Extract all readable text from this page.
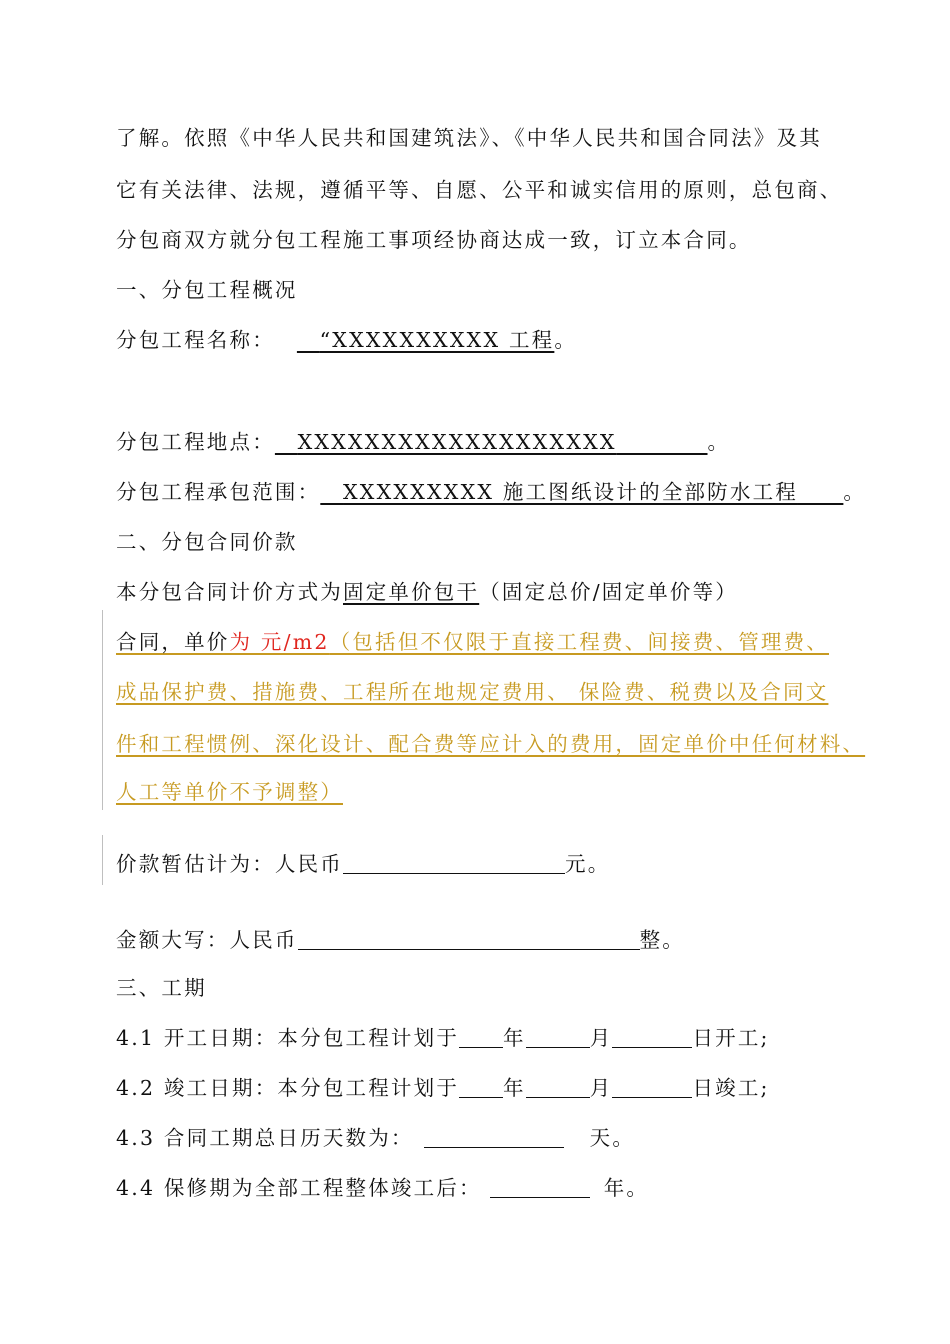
了解。依照《中华人民共和国建筑法》、《中华人民共和国合同法》及其
它有关法律、法规，遵循平等、自愿、公平和诚实信用的原则，总包商、
分包商双方就分包工程施工事项经协商达成一致，订立本合同。
一、分包工程概况
分包工程名称：  “XXXXXXXXXX 工程。
分包工程地点：  XXXXXXXXXXXXXXXXXXX    	。
分包工程承包范围：  XXXXXXXXX 施工图纸设计的全部防水工程   。
二、分包合同价款
本分包合同计价方式为固定单价包干（固定总价/固定单价等）
合同，单价为 元/m2（包括但不仅限于直接工程费、间接费、管理费、
成品保护费、措施费、工程所在地规定费用、 保险费、税费以及合同文
件和工程惯例、深化设计、配合费等应计入的费用，固定单价中任何材料、
人工等单价不予调整）
价款暂估计为：人民币	元。
金额大写：人民币	整。
三、工期
4.1 开工日期：本分包工程计划于 年	月	日开工;
4.2 竣工日期：本分包工程计划于 年	月	日竣工;
4.3 合同工期总日历天数为：	天。
4.4 保修期为全部工程整体竣工后：	年。
